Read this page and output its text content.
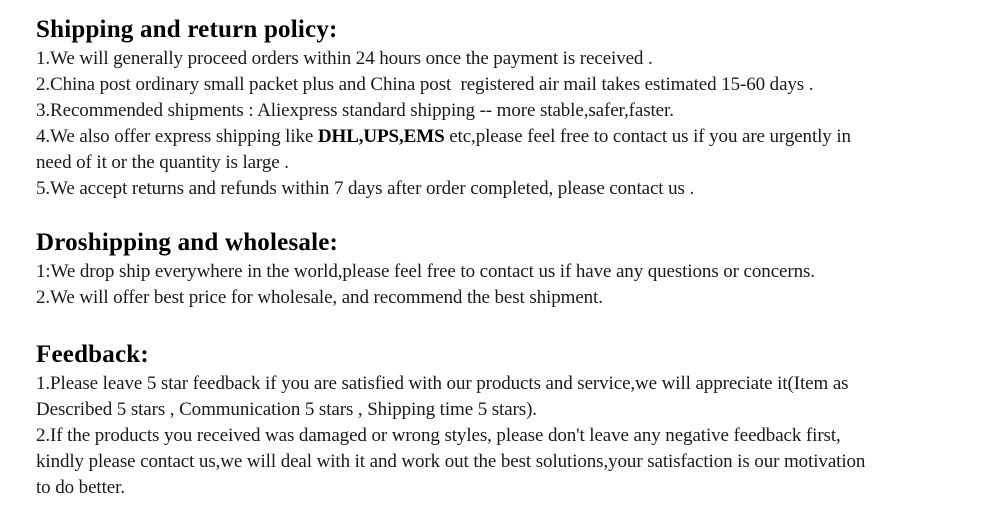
Shipping and return policy:
1.We will generally proceed orders within 24 hours once the payment is received .
2.China post ordinary small packet plus and China post  registered air mail takes estimated 15-60 days .
3.Recommended shipments : Aliexpress standard shipping -- more stable,safer,faster.
4.We also offer express shipping like DHL,UPS,EMS etc,please feel free to contact us if you are urgently in
need of it or the quantity is large .
5.We accept returns and refunds within 7 days after order completed, please contact us .
Droshipping and wholesale:
1:We drop ship everywhere in the world,please feel free to contact us if have any questions or concerns.
2.We will offer best price for wholesale, and recommend the best shipment.
Feedback:
1.Please leave 5 star feedback if you are satisfied with our products and service,we will appreciate it(Item as
Described 5 stars , Communication 5 stars , Shipping time 5 stars).
2.If the products you received was damaged or wrong styles, please don't leave any negative feedback first,
kindly please contact us,we will deal with it and work out the best solutions,your satisfaction is our motivation
to do better.
